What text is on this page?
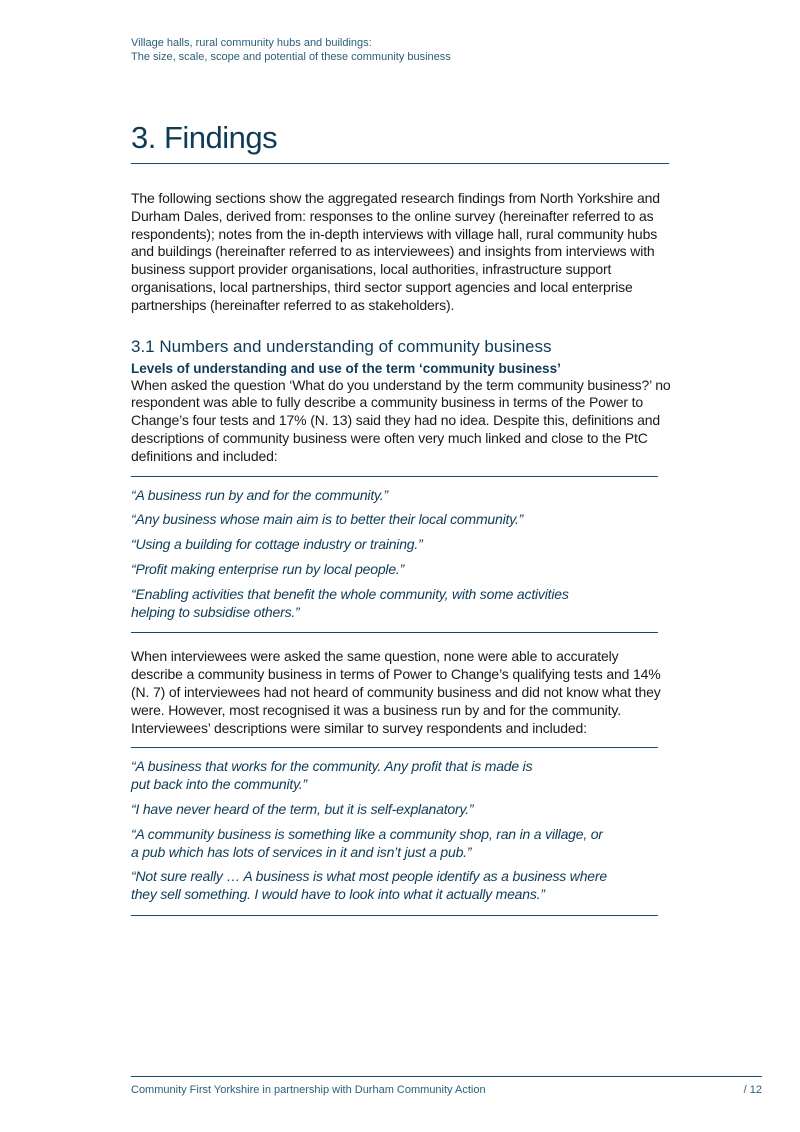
Village halls, rural community hubs and buildings:
The size, scale, scope and potential of these community business
3. Findings

The following sections show the aggregated research findings from North Yorkshire and Durham Dales, derived from: responses to the online survey (hereinafter referred to as respondents); notes from the in-depth interviews with village hall, rural community hubs and buildings (hereinafter referred to as interviewees) and insights from interviews with business support provider organisations, local authorities, infrastructure support organisations, local partnerships, third sector support agencies and local enterprise partnerships (hereinafter referred to as stakeholders).

3.1 Numbers and understanding of community business
Levels of understanding and use of the term ‘community business’

When asked the question ‘What do you understand by the term community business?’ no respondent was able to fully describe a community business in terms of the Power to Change’s four tests and 17% (N. 13) said they had no idea. Despite this, definitions and descriptions of community business were often very much linked and close to the PtC definitions and included:

“A business run by and for the community.”

“Any business whose main aim is to better their local community.”

“Using a building for cottage industry or training.”

“Profit making enterprise run by local people.”

“Enabling activities that benefit the whole community, with some activities helping to subsidise others.”

When interviewees were asked the same question, none were able to accurately describe a community business in terms of Power to Change’s qualifying tests and 14% (N. 7) of interviewees had not heard of community business and did not know what they were. However, most recognised it was a business run by and for the community. Interviewees’ descriptions were similar to survey respondents and included:

“A business that works for the community. Any profit that is made is put back into the community.”

“I have never heard of the term, but it is self-explanatory.”

“A community business is something like a community shop, ran in a village, or a pub which has lots of services in it and isn’t just a pub.”

“Not sure really … A business is what most people identify as a business where they sell something. I would have to look into what it actually means.”

Community First Yorkshire in partnership with Durham Community Action	/ 12
